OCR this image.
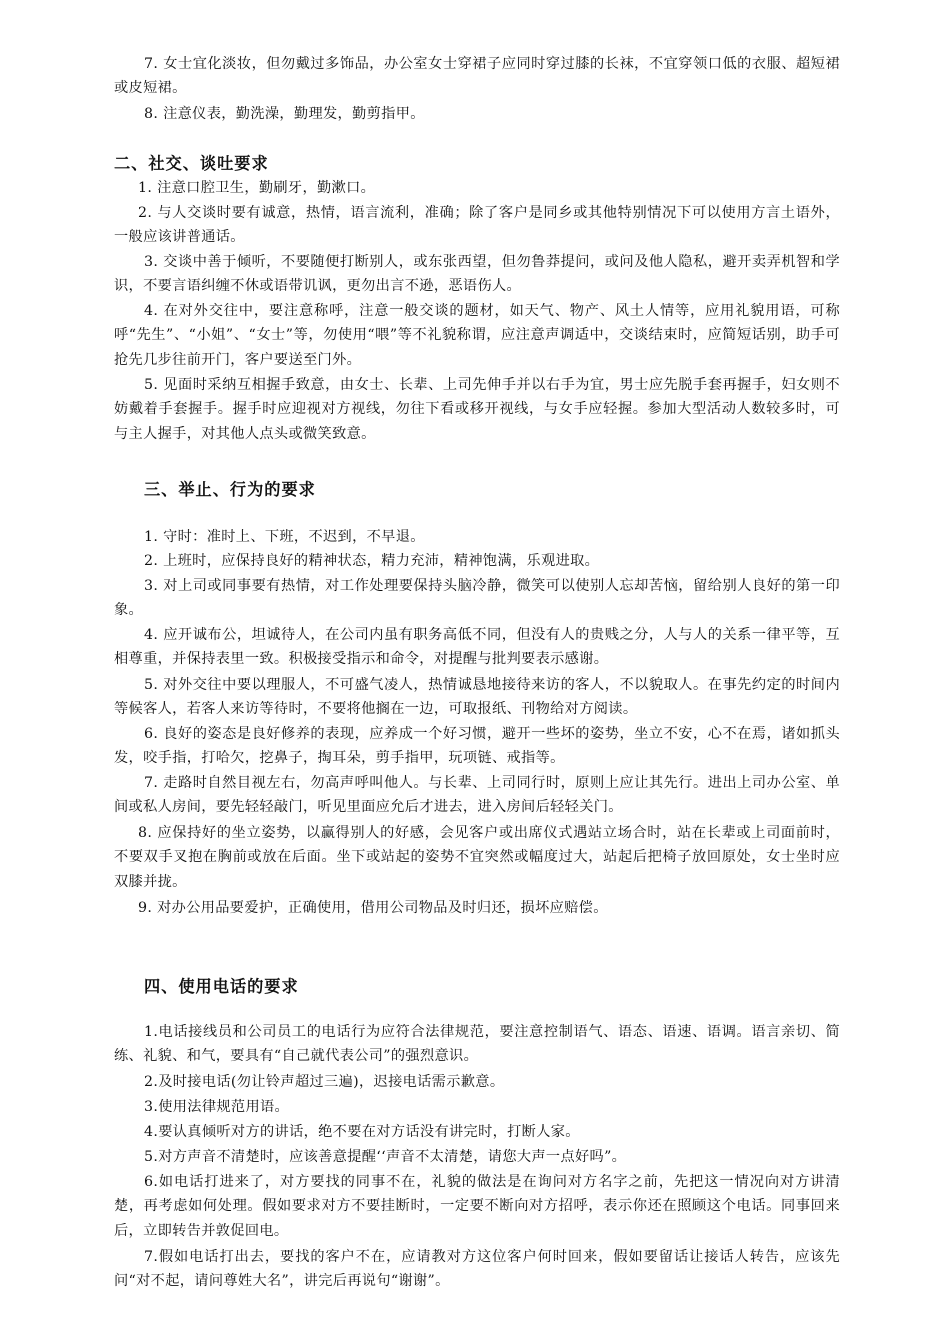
7. 女士宜化淡妆，但勿戴过多饰品，办公室女士穿裙子应同时穿过膝的长袜，不宜穿领口低的衣服、超短裙或皮短裙。

8. 注意仪表，勤洗澡，勤理发，勤剪指甲。

二、社交、谈吐要求

1. 注意口腔卫生，勤刷牙，勤漱口。

2. 与人交谈时要有诚意，热情，语言流利，准确；除了客户是同乡或其他特别情况下可以使用方言土语外，一般应该讲普通话。

3. 交谈中善于倾听，不要随便打断别人，或东张西望，但勿鲁莽提问，或问及他人隐私，避开卖弄机智和学识，不要言语纠缠不休或语带讥讽，更勿出言不逊，恶语伤人。

4. 在对外交往中，要注意称呼，注意一般交谈的题材，如天气、物产、风土人情等，应用礼貌用语，可称呼“先生”、“小姐”、“女士”等，勿使用“喂”等不礼貌称谓，应注意声调适中，交谈结束时，应简短话别，助手可抢先几步往前开门，客户要送至门外。

5. 见面时采纳互相握手致意，由女士、长辈、上司先伸手并以右手为宜，男士应先脱手套再握手，妇女则不妨戴着手套握手。握手时应迎视对方视线，勿往下看或移开视线，与女手应轻握。参加大型活动人数较多时，可与主人握手，对其他人点头或微笑致意。

三、举止、行为的要求

1. 守时：准时上、下班，不迟到，不早退。

2. 上班时，应保持良好的精神状态，精力充沛，精神饱满，乐观进取。

3. 对上司或同事要有热情，对工作处理要保持头脑冷静，微笑可以使别人忘却苦恼，留给别人良好的第一印象。

4. 应开诚布公，坦诚待人，在公司内虽有职务高低不同，但没有人的贵贱之分，人与人的关系一律平等，互相尊重，并保持表里一致。积极接受指示和命令，对提醒与批判要表示感谢。

5. 对外交往中要以理服人，不可盛气凌人，热情诚恳地接待来访的客人，不以貌取人。在事先约定的时间内等候客人，若客人来访等待时，不要将他搁在一边，可取报纸、刊物给对方阅读。

6. 良好的姿态是良好修养的表现，应养成一个好习惯，避开一些坏的姿势，坐立不安，心不在焉，诸如抓头发，咬手指，打哈欠，挖鼻子，掏耳朵，剪手指甲，玩项链、戒指等。

7. 走路时自然目视左右，勿高声呼叫他人。与长辈、上司同行时，原则上应让其先行。进出上司办公室、单间或私人房间，要先轻轻敲门，听见里面应允后才进去，进入房间后轻轻关门。

8. 应保持好的坐立姿势，以赢得别人的好感，会见客户或出席仪式遇站立场合时，站在长辈或上司面前时，不要双手叉抱在胸前或放在后面。坐下或站起的姿势不宜突然或幅度过大，站起后把椅子放回原处，女士坐时应双膝并拢。

9. 对办公用品要爱护，正确使用，借用公司物品及时归还，损坏应赔偿。

四、使用电话的要求

1.电话接线员和公司员工的电话行为应符合法律规范，要注意控制语气、语态、语速、语调。语言亲切、简练、礼貌、和气，要具有“自己就代表公司”的强烈意识。

2.及时接电话(勿让铃声超过三遍)，迟接电话需示歉意。

3.使用法律规范用语。

4.要认真倾听对方的讲话，绝不要在对方话没有讲完时，打断人家。

5.对方声音不清楚时，应该善意提醒‘‘声音不太清楚，请您大声一点好吗”。

6.如电话打进来了，对方要找的同事不在，礼貌的做法是在询问对方名字之前，先把这一情况向对方讲清楚，再考虑如何处理。假如要求对方不要挂断时，一定要不断向对方招呼，表示你还在照顾这个电话。同事回来后，立即转告并敦促回电。

7.假如电话打出去，要找的客户不在，应请教对方这位客户何时回来，假如要留话让接话人转告，应该先问“对不起，请问尊姓大名”，讲完后再说句“谢谢”。
